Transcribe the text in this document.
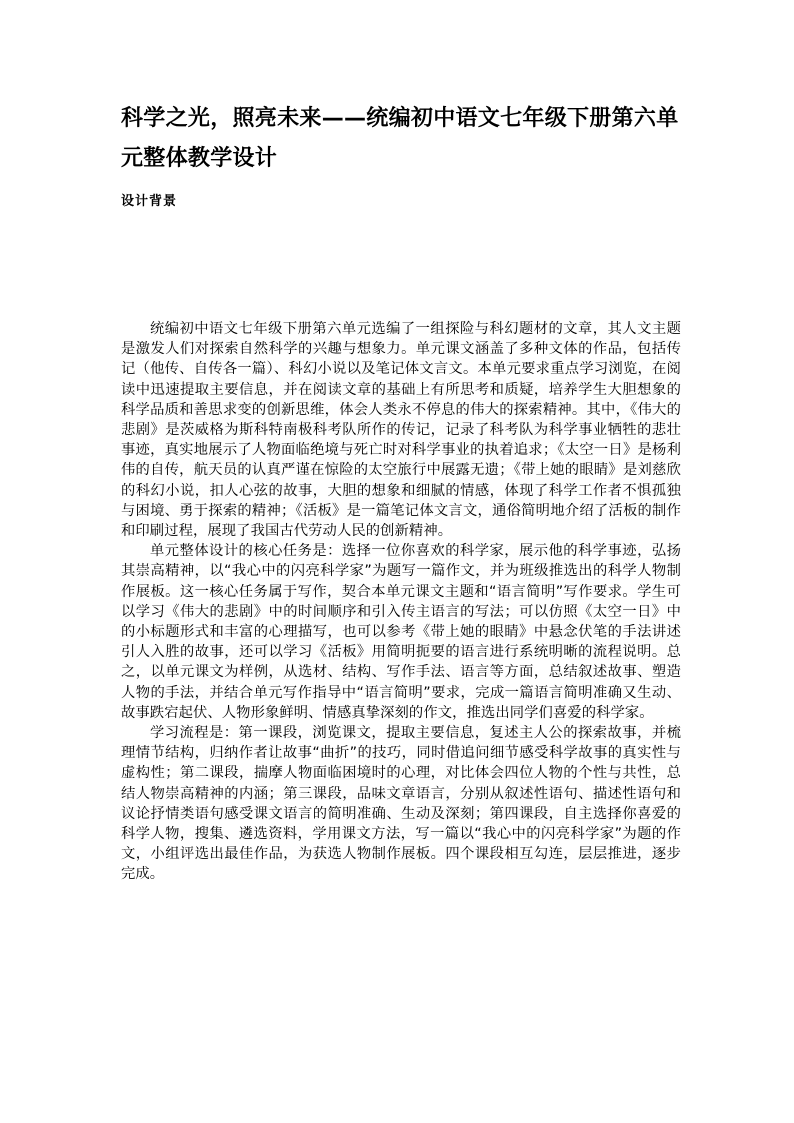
科学之光，照亮未来——统编初中语文七年级下册第六单元整体教学设计
设计背景

统编初中语文七年级下册第六单元选编了一组探险与科幻题材的文章，其人文主题是激发人们对探索自然科学的兴趣与想象力。单元课文涵盖了多种文体的作品，包括传记（他传、自传各一篇）、科幻小说以及笔记体文言文。本单元要求重点学习浏览，在阅读中迅速提取主要信息，并在阅读文章的基础上有所思考和质疑，培养学生大胆想象的科学品质和善思求变的创新思维，体会人类永不停息的伟大的探索精神。其中，《伟大的悲剧》是茨威格为斯科特南极科考队所作的传记，记录了科考队为科学事业牺牲的悲壮事迹，真实地展示了人物面临绝境与死亡时对科学事业的执着追求；《太空一日》是杨利伟的自传，航天员的认真严谨在惊险的太空旅行中展露无遗；《带上她的眼睛》是刘慈欣的科幻小说，扣人心弦的故事，大胆的想象和细腻的情感，体现了科学工作者不惧孤独与困境、勇于探索的精神；《活板》是一篇笔记体文言文，通俗简明地介绍了活板的制作和印刷过程，展现了我国古代劳动人民的创新精神。

单元整体设计的核心任务是：选择一位你喜欢的科学家，展示他的科学事迹，弘扬其崇高精神，以“我心中的闪亮科学家”为题写一篇作文，并为班级推选出的科学人物制作展板。这一核心任务属于写作，契合本单元课文主题和“语言简明”写作要求。学生可以学习《伟大的悲剧》中的时间顺序和引入传主语言的写法；可以仿照《太空一日》中的小标题形式和丰富的心理描写，也可以参考《带上她的眼睛》中悬念伏笔的手法讲述引人入胜的故事，还可以学习《活板》用简明扼要的语言进行系统明晰的流程说明。总之，以单元课文为样例，从选材、结构、写作手法、语言等方面，总结叙述故事、塑造人物的手法，并结合单元写作指导中“语言简明”要求，完成一篇语言简明准确又生动、故事跌宕起伏、人物形象鲜明、情感真挚深刻的作文，推选出同学们喜爱的科学家。

学习流程是：第一课段，浏览课文，提取主要信息，复述主人公的探索故事，并梳理情节结构，归纳作者让故事“曲折”的技巧，同时借追问细节感受科学故事的真实性与虚构性；第二课段，揣摩人物面临困境时的心理，对比体会四位人物的个性与共性，总结人物崇高精神的内涵；第三课段，品味文章语言，分别从叙述性语句、描述性语句和议论抒情类语句感受课文语言的简明准确、生动及深刻；第四课段，自主选择你喜爱的科学人物，搜集、遴选资料，学用课文方法，写一篇以“我心中的闪亮科学家”为题的作文，小组评选出最佳作品，为获选人物制作展板。四个课段相互勾连，层层推进，逐步完成。
